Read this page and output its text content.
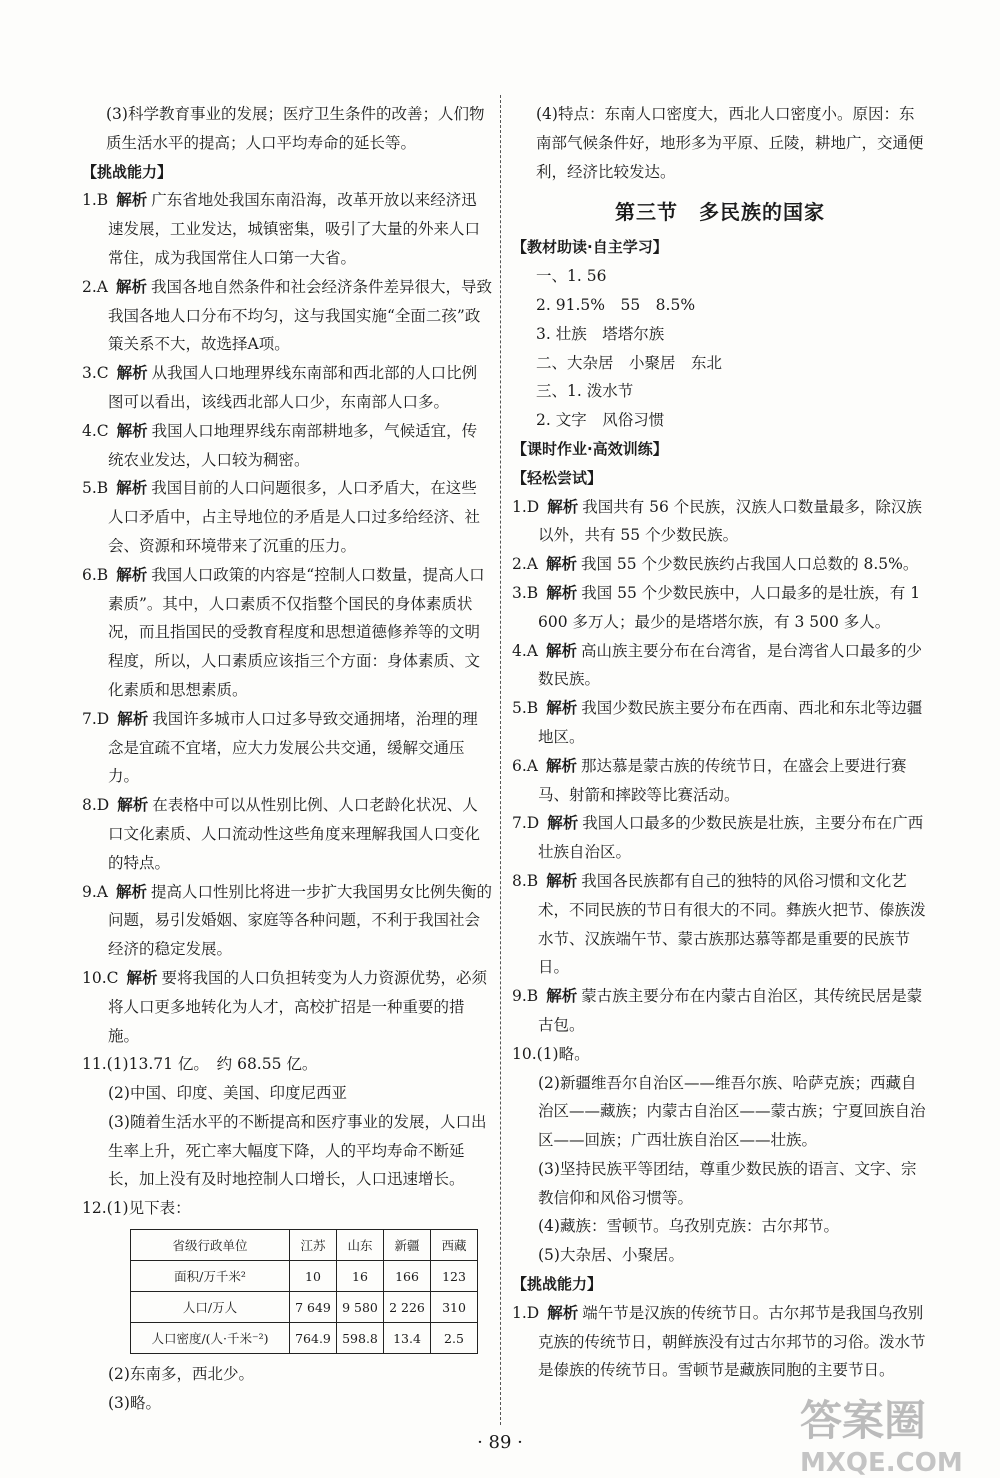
(3)科学教育事业的发展；医疗卫生条件的改善；人们物质生活水平的提高；人口平均寿命的延长等。

【挑战能力】

1.B 解析 广东省地处我国东南沿海，改革开放以来经济迅速发展，工业发达，城镇密集，吸引了大量的外来人口常住，成为我国常住人口第一大省。

2.A 解析 我国各地自然条件和社会经济条件差异很大，导致我国各地人口分布不均匀，这与我国实施“全面二孩”政策关系不大，故选择A项。

3.C 解析 从我国人口地理界线东南部和西北部的人口比例图可以看出，该线西北部人口少，东南部人口多。

4.C 解析 我国人口地理界线东南部耕地多，气候适宜，传统农业发达，人口较为稠密。

5.B 解析 我国目前的人口问题很多，人口矛盾大，在这些人口矛盾中，占主导地位的矛盾是人口过多给经济、社会、资源和环境带来了沉重的压力。

6.B 解析 我国人口政策的内容是“控制人口数量，提高人口素质”。其中，人口素质不仅指整个国民的身体素质状况，而且指国民的受教育程度和思想道德修养等的文明程度，所以，人口素质应该指三个方面：身体素质、文化素质和思想素质。

7.D 解析 我国许多城市人口过多导致交通拥堵，治理的理念是宜疏不宜堵，应大力发展公共交通，缓解交通压力。

8.D 解析 在表格中可以从性别比例、人口老龄化状况、人口文化素质、人口流动性这些角度来理解我国人口变化的特点。

9.A 解析 提高人口性别比将进一步扩大我国男女比例失衡的问题，易引发婚姻、家庭等各种问题，不利于我国社会经济的稳定发展。

10.C 解析 要将我国的人口负担转变为人力资源优势，必须将人口更多地转化为人才，高校扩招是一种重要的措施。

11.(1)13.71 亿。　约 68.55 亿。

(2)中国、印度、美国、印度尼西亚

(3)随着生活水平的不断提高和医疗事业的发展，人口出生率上升，死亡率大幅度下降，人的平均寿命不断延长，加上没有及时地控制人口增长，人口迅速增长。

12.(1)见下表：

省级行政单位	江苏	山东	新疆	西藏
面积/万千米²	10	16	166	123
人口/万人	7 649	9 580	2 226	310
人口密度/(人·千米⁻²)	764.9	598.8	13.4	2.5

(2)东南多，西北少。

(3)略。

(4)特点：东南人口密度大，西北人口密度小。原因：东南部气候条件好，地形多为平原、丘陵，耕地广，交通便利，经济比较发达。

第三节　多民族的国家

【教材助读·自主学习】

一、1. 56

2. 91.5%　55　8.5%

3. 壮族　塔塔尔族

二、大杂居　小聚居　东北

三、1. 泼水节

2. 文字　风俗习惯

【课时作业·高效训练】

【轻松尝试】

1.D 解析 我国共有 56 个民族，汉族人口数量最多，除汉族以外，共有 55 个少数民族。

2.A 解析 我国 55 个少数民族约占我国人口总数的 8.5%。

3.B 解析 我国 55 个少数民族中，人口最多的是壮族，有 1 600 多万人；最少的是塔塔尔族，有 3 500 多人。

4.A 解析 高山族主要分布在台湾省，是台湾省人口最多的少数民族。

5.B 解析 我国少数民族主要分布在西南、西北和东北等边疆地区。

6.A 解析 那达慕是蒙古族的传统节日，在盛会上要进行赛马、射箭和摔跤等比赛活动。

7.D 解析 我国人口最多的少数民族是壮族，主要分布在广西壮族自治区。

8.B 解析 我国各民族都有自己的独特的风俗习惯和文化艺术，不同民族的节日有很大的不同。彝族火把节、傣族泼水节、汉族端午节、蒙古族那达慕等都是重要的民族节日。

9.B 解析 蒙古族主要分布在内蒙古自治区，其传统民居是蒙古包。

10.(1)略。

(2)新疆维吾尔自治区——维吾尔族、哈萨克族；西藏自治区——藏族；内蒙古自治区——蒙古族；宁夏回族自治区——回族；广西壮族自治区——壮族。

(3)坚持民族平等团结，尊重少数民族的语言、文字、宗教信仰和风俗习惯等。

(4)藏族：雪顿节。乌孜别克族：古尔邦节。

(5)大杂居、小聚居。

【挑战能力】

1.D 解析 端午节是汉族的传统节日。古尔邦节是我国乌孜别克族的传统节日，朝鲜族没有过古尔邦节的习俗。泼水节是傣族的传统节日。雪顿节是藏族同胞的主要节日。

· 89 ·	答案圈
MXQE.COM
